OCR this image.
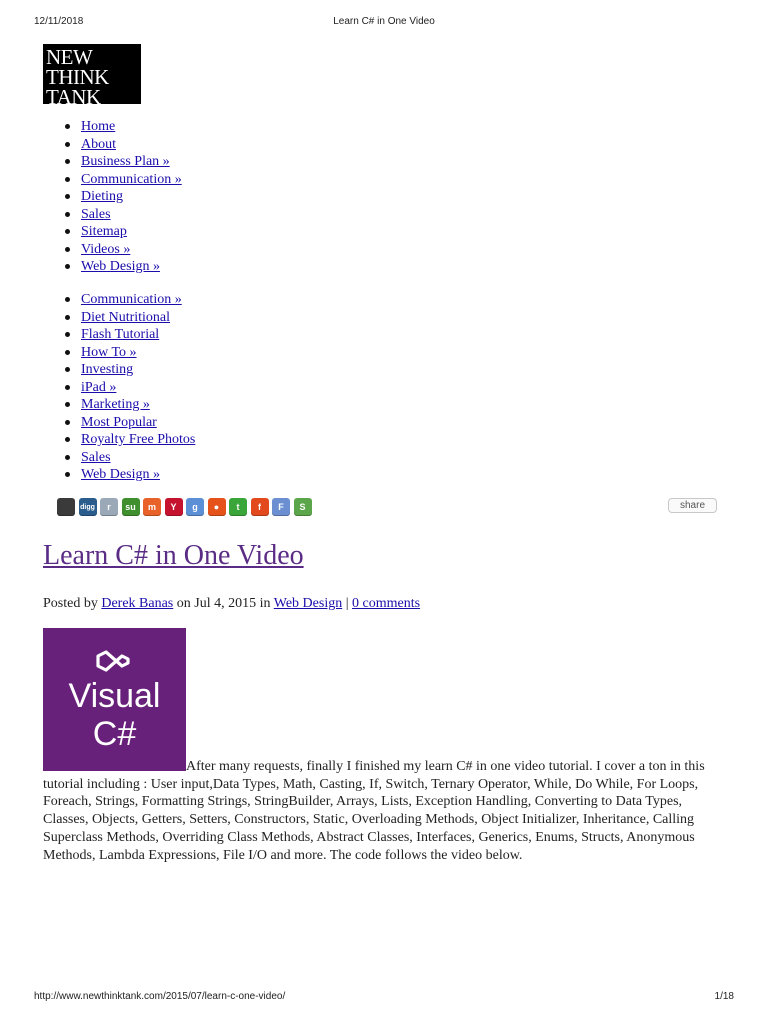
12/11/2018	Learn C# in One Video
NEW
THINK
TANK
Home
About
Business Plan »
Communication »
Dieting
Sales
Sitemap
Videos »
Web Design »
Communication »
Diet Nutritional
Flash Tutorial
How To »
Investing
iPad »
Marketing »
Most Popular
Royalty Free Photos
Sales
Web Design »
digg	r	su	m	Y	g	●	t	f	F	S	share
Learn C# in One Video
Posted by Derek Banas on Jul 4, 2015 in Web Design | 0 comments
Visual
C#

After many requests, finally I finished my learn C# in one video tutorial. I cover a ton in this tutorial including : User input,Data Types, Math, Casting, If, Switch, Ternary Operator, While, Do While, For Loops, Foreach, Strings, Formatting Strings, StringBuilder, Arrays, Lists, Exception Handling, Converting to Data Types, Classes, Objects, Getters, Setters, Constructors, Static, Overloading Methods, Object Initializer, Inheritance, Calling Superclass Methods, Overriding Class Methods, Abstract Classes, Interfaces, Generics, Enums, Structs, Anonymous Methods, Lambda Expressions, File I/O and more. The code follows the video below.

http://www.newthinktank.com/2015/07/learn-c-one-video/	1/18
